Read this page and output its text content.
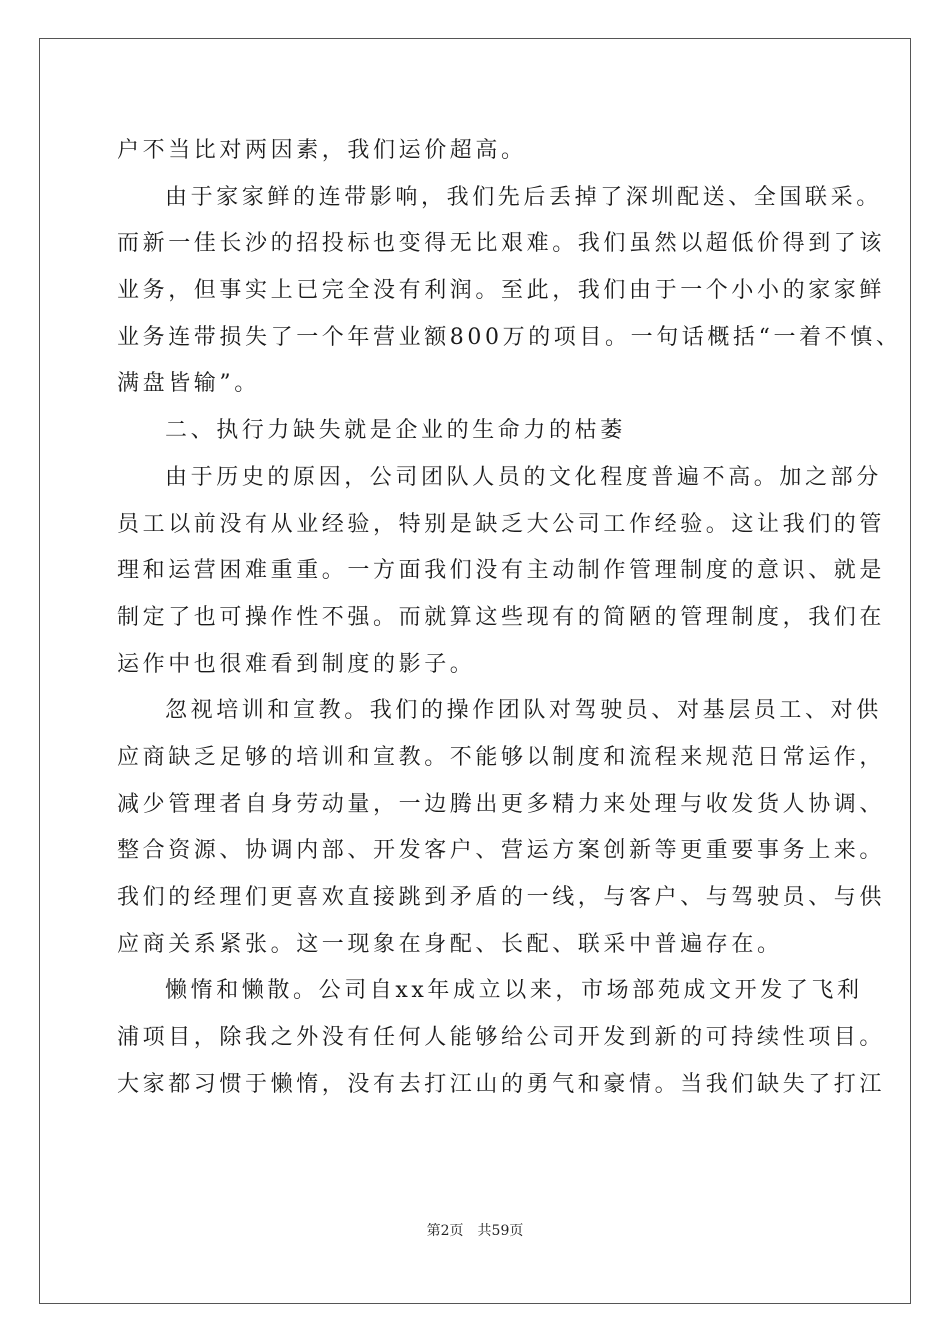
户不当比对两因素，我们运价超高。
由于家家鲜的连带影响，我们先后丢掉了深圳配送、全国联采。
而新一佳长沙的招投标也变得无比艰难。我们虽然以超低价得到了该
业务，但事实上已完全没有利润。至此，我们由于一个小小的家家鲜
业务连带损失了一个年营业额800万的项目。一句话概括“一着不慎、
满盘皆输”。
二、执行力缺失就是企业的生命力的枯萎
由于历史的原因，公司团队人员的文化程度普遍不高。加之部分
员工以前没有从业经验，特别是缺乏大公司工作经验。这让我们的管
理和运营困难重重。一方面我们没有主动制作管理制度的意识、就是
制定了也可操作性不强。而就算这些现有的简陋的管理制度，我们在
运作中也很难看到制度的影子。
忽视培训和宣教。我们的操作团队对驾驶员、对基层员工、对供
应商缺乏足够的培训和宣教。不能够以制度和流程来规范日常运作，
减少管理者自身劳动量，一边腾出更多精力来处理与收发货人协调、
整合资源、协调内部、开发客户、营运方案创新等更重要事务上来。
我们的经理们更喜欢直接跳到矛盾的一线，与客户、与驾驶员、与供
应商关系紧张。这一现象在身配、长配、联采中普遍存在。
懒惰和懒散。公司自xx年成立以来，市场部苑成文开发了飞利
浦项目，除我之外没有任何人能够给公司开发到新的可持续性项目。
大家都习惯于懒惰，没有去打江山的勇气和豪情。当我们缺失了打江
第2页 共59页
